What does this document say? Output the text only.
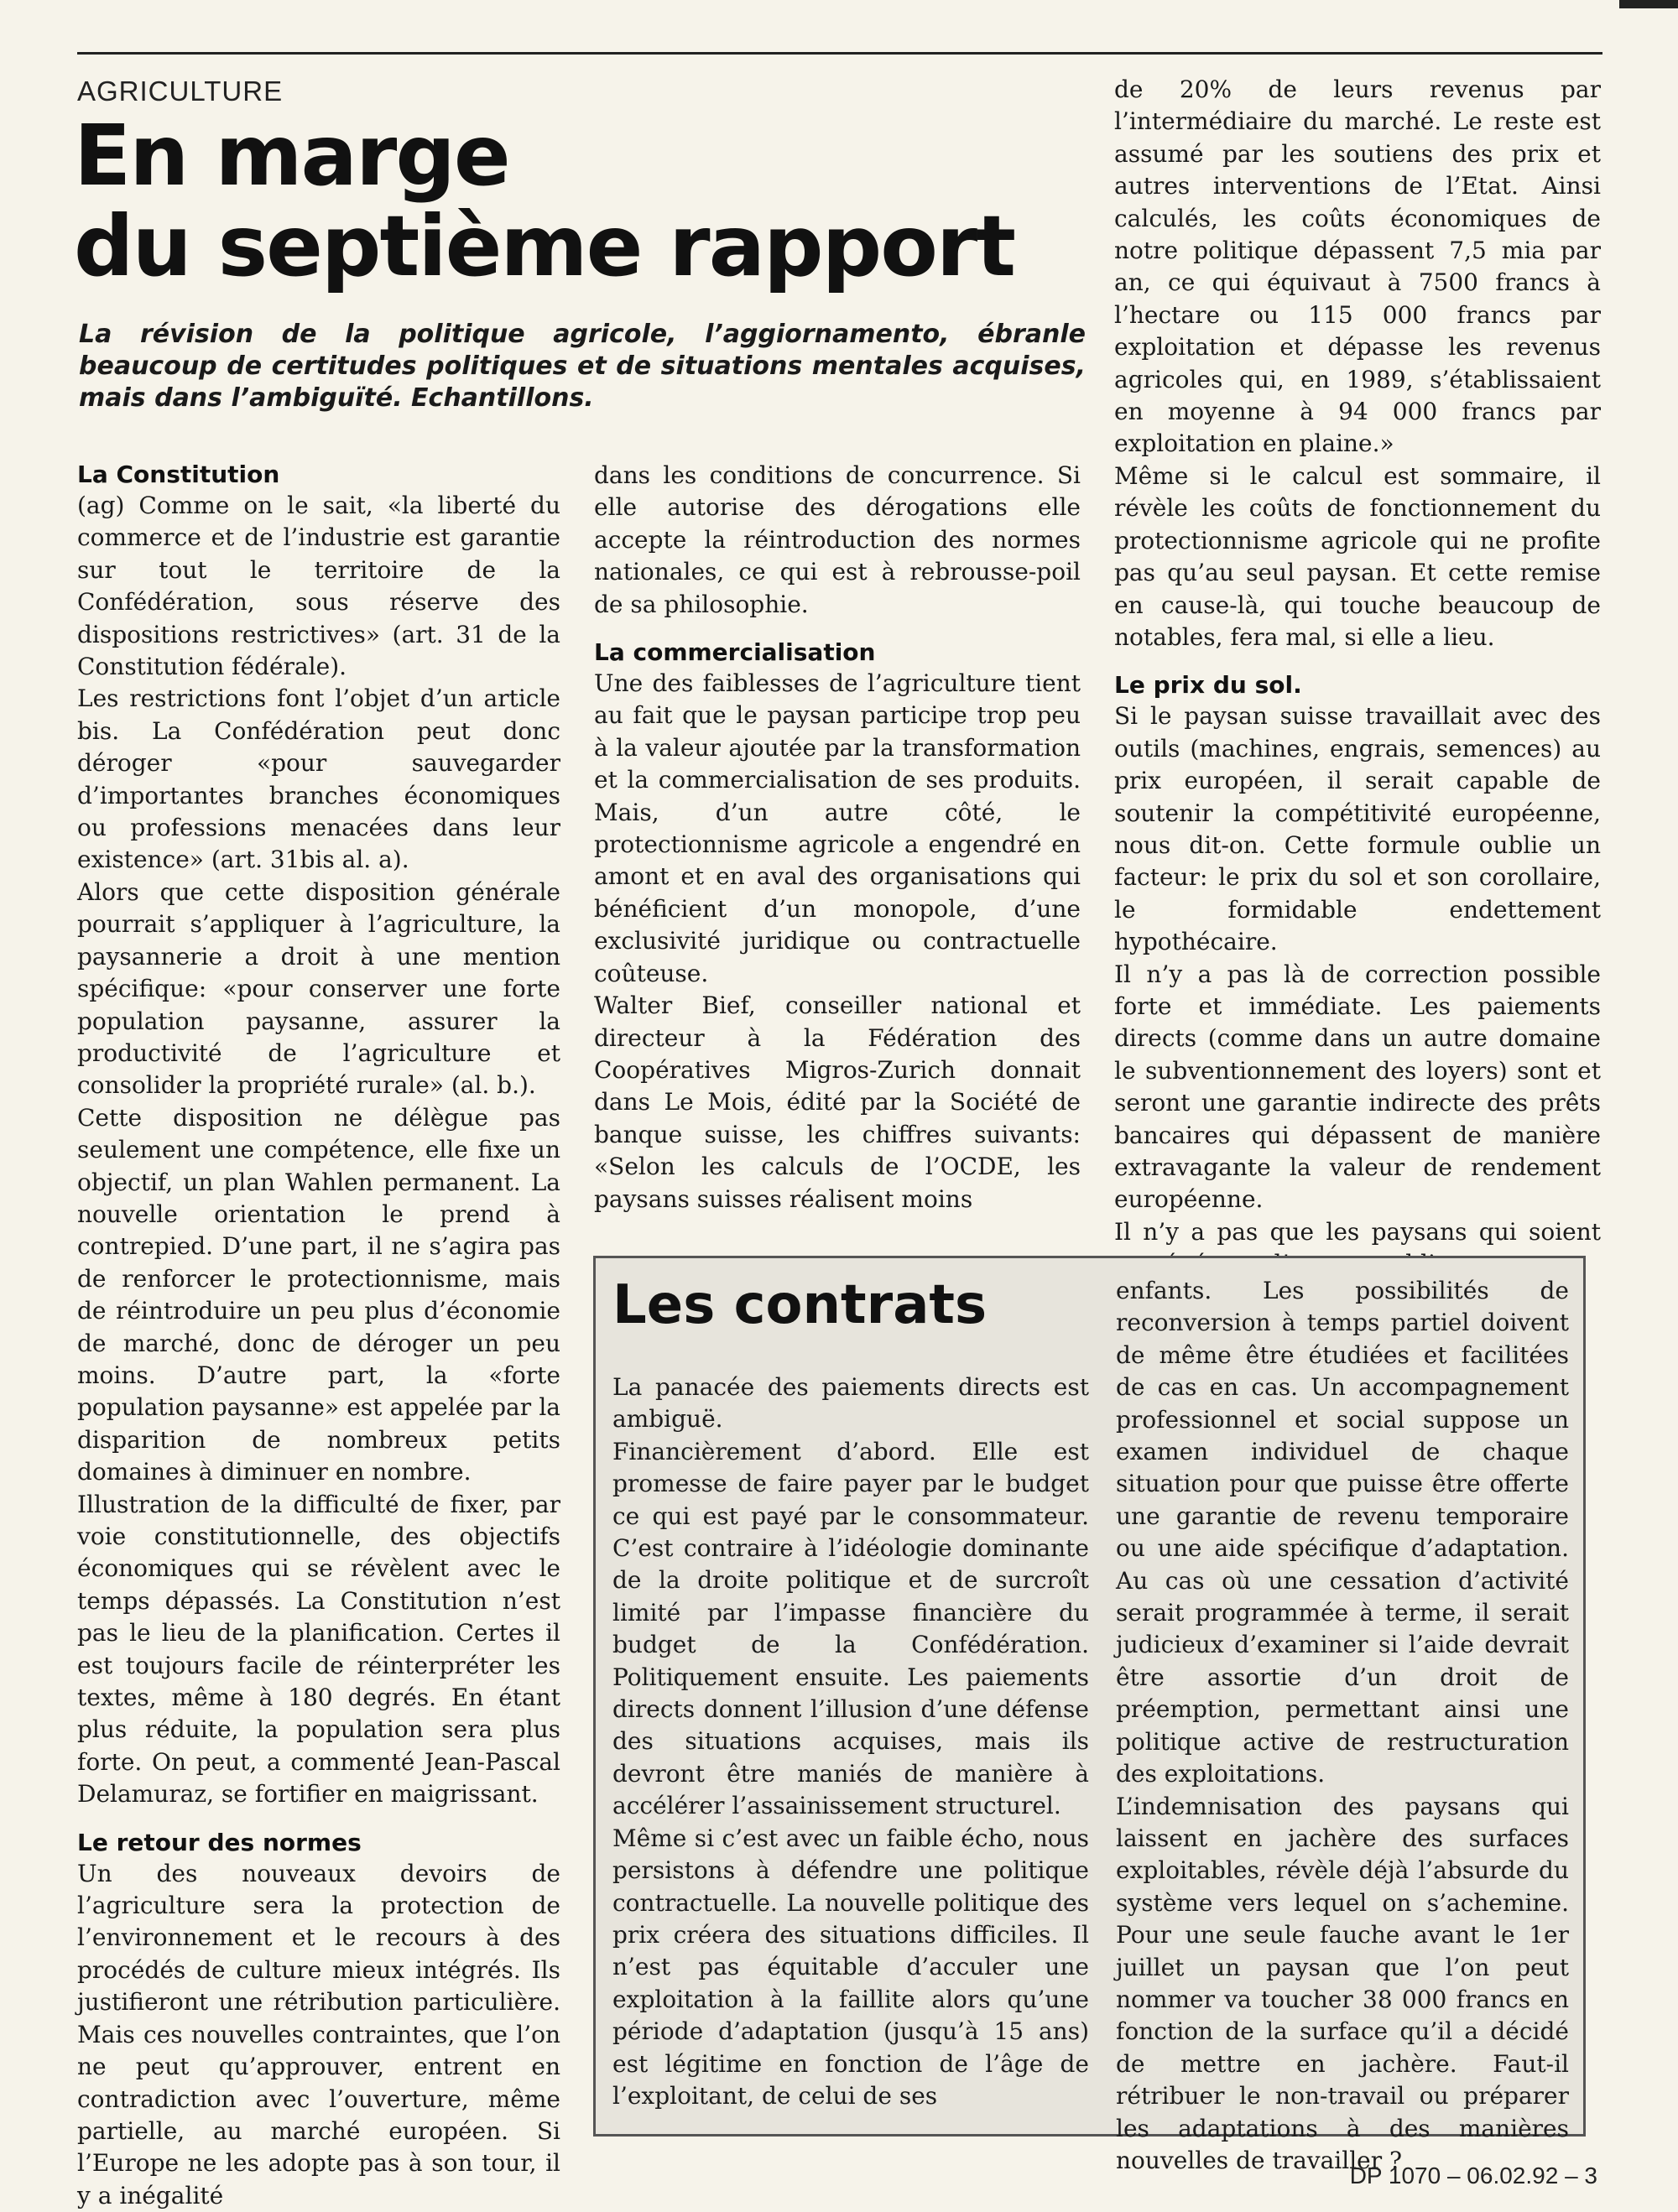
AGRICULTURE
En marge
du septième rapport

La révision de la politique agricole, l’aggiornamento, ébranle beaucoup de certitudes politiques et de situations mentales acquises, mais dans l’ambiguïté. Echantillons.

La Constitution

(ag) Comme on le sait, «la liberté du commerce et de l’industrie est garantie sur tout le territoire de la Confédération, sous réserve des dispositions restrictives» (art. 31 de la Constitution fédérale).

Les restrictions font l’objet d’un article bis. La Confédération peut donc déroger «pour sauvegarder d’importantes branches économiques ou professions menacées dans leur existence» (art. 31bis al. a).

Alors que cette disposition générale pourrait s’appliquer à l’agriculture, la paysannerie a droit à une mention spécifique: «pour conserver une forte population paysanne, assurer la productivité de l’agriculture et consolider la propriété rurale» (al. b.).

Cette disposition ne délègue pas seulement une compétence, elle fixe un objectif, un plan Wahlen permanent. La nouvelle orientation le prend à contrepied. D’une part, il ne s’agira pas de renforcer le protectionnisme, mais de réintroduire un peu plus d’économie de marché, donc de déroger un peu moins. D’autre part, la «forte population paysanne» est appelée par la disparition de nombreux petits domaines à diminuer en nombre.

Illustration de la difficulté de fixer, par voie constitutionnelle, des objectifs économiques qui se révèlent avec le temps dépassés. La Constitution n’est pas le lieu de la planification. Certes il est toujours facile de réinterpréter les textes, même à 180 degrés. En étant plus réduite, la population sera plus forte. On peut, a commenté Jean-Pascal Delamuraz, se fortifier en maigrissant.

Le retour des normes

Un des nouveaux devoirs de l’agriculture sera la protection de l’environnement et le recours à des procédés de culture mieux intégrés. Ils justifieront une rétribution particulière. Mais ces nouvelles contraintes, que l’on ne peut qu’approuver, entrent en contradiction avec l’ouverture, même partielle, au marché européen. Si l’Europe ne les adopte pas à son tour, il y a inégalité

dans les conditions de concurrence. Si elle autorise des dérogations elle accepte la réintroduction des normes nationales, ce qui est à rebrousse-poil de sa philosophie.

La commercialisation

Une des faiblesses de l’agriculture tient au fait que le paysan participe trop peu à la valeur ajoutée par la transformation et la commercialisation de ses produits. Mais, d’un autre côté, le protectionnisme agricole a engendré en amont et en aval des organisations qui bénéficient d’un monopole, d’une exclusivité juridique ou contractuelle coûteuse.

Walter Bief, conseiller national et directeur à la Fédération des Coopératives Migros-Zurich donnait dans Le Mois, édité par la Société de banque suisse, les chiffres suivants: «Selon les calculs de l’OCDE, les paysans suisses réalisent moins

de 20% de leurs revenus par l’intermédiaire du marché. Le reste est assumé par les soutiens des prix et autres interventions de l’Etat. Ainsi calculés, les coûts économiques de notre politique dépassent 7,5 mia par an, ce qui équivaut à 7500 francs à l’hectare ou 115 000 francs par exploitation et dépasse les revenus agricoles qui, en 1989, s’établissaient en moyenne à 94 000 francs par exploitation en plaine.»

Même si le calcul est sommaire, il révèle les coûts de fonctionnement du protectionnisme agricole qui ne profite pas qu’au seul paysan. Et cette remise en cause-là, qui touche beaucoup de notables, fera mal, si elle a lieu.

Le prix du sol.

Si le paysan suisse travaillait avec des outils (machines, engrais, semences) au prix européen, il serait capable de soutenir la compétitivité européenne, nous dit-on. Cette formule oublie un facteur: le prix du sol et son corollaire, le formidable endettement hypothécaire.

Il n’y a pas là de correction possible forte et immédiate. Les paiements directs (comme dans un autre domaine le subventionnement des loyers) sont et seront une garantie indirecte des prêts bancaires qui dépassent de manière extravagante la valeur de rendement européenne.

Il n’y a pas que les paysans qui soient

Les contrats

La panacée des paiements directs est ambiguë.

Financièrement d’abord. Elle est promesse de faire payer par le budget ce qui est payé par le consommateur. C’est contraire à l’idéologie dominante de la droite politique et de surcroît limité par l’impasse financière du budget de la Confédération. Politiquement ensuite. Les paiements directs donnent l’illusion d’une défense des situations acquises, mais ils devront être maniés de manière à accélérer l’assainissement structurel.

Même si c’est avec un faible écho, nous persistons à défendre une politique contractuelle. La nouvelle politique des prix créera des situations difficiles. Il n’est pas équitable d’acculer une exploitation à la faillite alors qu’une période d’adaptation (jusqu’à 15 ans) est légitime en fonction de l’âge de l’exploitant, de celui de ses

enfants. Les possibilités de reconversion à temps partiel doivent de même être étudiées et facilitées de cas en cas. Un accompagnement professionnel et social suppose un examen individuel de chaque situation pour que puisse être offerte une garantie de revenu temporaire ou une aide spécifique d’adaptation. Au cas où une cessation d’activité serait programmée à terme, il serait judicieux d’examiner si l’aide devrait être assortie d’un droit de préemption, permettant ainsi une politique active de restructuration des exploitations.

L’indemnisation des paysans qui laissent en jachère des surfaces exploitables, révèle déjà l’absurde du système vers lequel on s’achemine. Pour une seule fauche avant le 1er juillet un paysan que l’on peut nommer va toucher 38 000 francs en fonction de la surface qu’il a décidé de mettre en jachère. Faut-il rétribuer le non-travail ou préparer les adaptations à des manières nouvelles de travailler ?

DP 1070 – 06.02.92 – 3
